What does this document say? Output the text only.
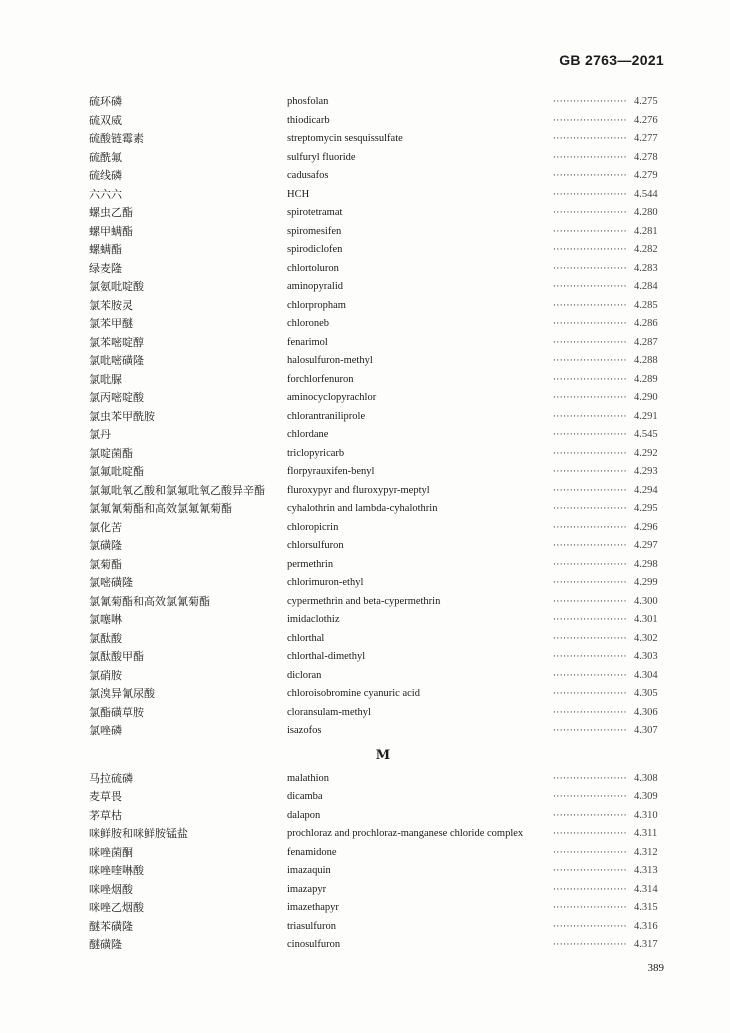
GB 2763—2021
硫环磷	phosfolan	······················ 4.275
硫双威	thiodicarb	······················ 4.276
硫酸链霉素	streptomycin sesquissulfate	······················ 4.277
硫酰氟	sulfuryl fluoride	······················ 4.278
硫线磷	cadusafos	······················ 4.279
六六六	HCH	······················ 4.544
螺虫乙酯	spirotetramat	······················ 4.280
螺甲螨酯	spiromesifen	······················ 4.281
螺螨酯	spirodiclofen	······················ 4.282
绿麦隆	chlortoluron	······················ 4.283
氯氨吡啶酸	aminopyralid	······················ 4.284
氯苯胺灵	chlorpropham	······················ 4.285
氯苯甲醚	chloroneb	······················ 4.286
氯苯嘧啶醇	fenarimol	······················ 4.287
氯吡嘧磺隆	halosulfuron-methyl	······················ 4.288
氯吡脲	forchlorfenuron	······················ 4.289
氯丙嘧啶酸	aminocyclopyrachlor	······················ 4.290
氯虫苯甲酰胺	chlorantraniliprole	······················ 4.291
氯丹	chlordane	······················ 4.545
氯啶菌酯	triclopyricarb	······················ 4.292
氯氟吡啶酯	florpyrauxifen-benyl	······················ 4.293
氯氟吡氧乙酸和氯氟吡氧乙酸异辛酯 fluroxypyr and fluroxypyr-meptyl	······················ 4.294
氯氟氰菊酯和高效氯氟氰菊酯	cyhalothrin and lambda-cyhalothrin	······················ 4.295
氯化苦	chloropicrin	······················ 4.296
氯磺隆	chlorsulfuron	······················ 4.297
氯菊酯	permethrin	······················ 4.298
氯嘧磺隆	chlorimuron-ethyl	······················ 4.299
氯氰菊酯和高效氯氰菊酯	cypermethrin and beta-cypermethrin	······················ 4.300
氯噻啉	imidaclothiz	······················ 4.301
氯酞酸	chlorthal	······················ 4.302
氯酞酸甲酯	chlorthal-dimethyl	······················ 4.303
氯硝胺	dicloran	······················ 4.304
氯溴异氰尿酸	chloroisobromine cyanuric acid	······················ 4.305
氯酯磺草胺	cloransulam-methyl	······················ 4.306
氯唑磷	isazofos	······················ 4.307
M
马拉硫磷	malathion	······················ 4.308
麦草畏	dicamba	······················ 4.309
茅草枯	dalapon	······················ 4.310
咪鲜胺和咪鲜胺锰盐	prochloraz and prochloraz-manganese chloride complex	······················ 4.311
咪唑菌酮	fenamidone	······················ 4.312
咪唑喹啉酸	imazaquin	······················ 4.313
咪唑烟酸	imazapyr	······················ 4.314
咪唑乙烟酸	imazethapyr	······················ 4.315
醚苯磺隆	triasulfuron	······················ 4.316
醚磺隆	cinosulfuron	······················ 4.317
389
